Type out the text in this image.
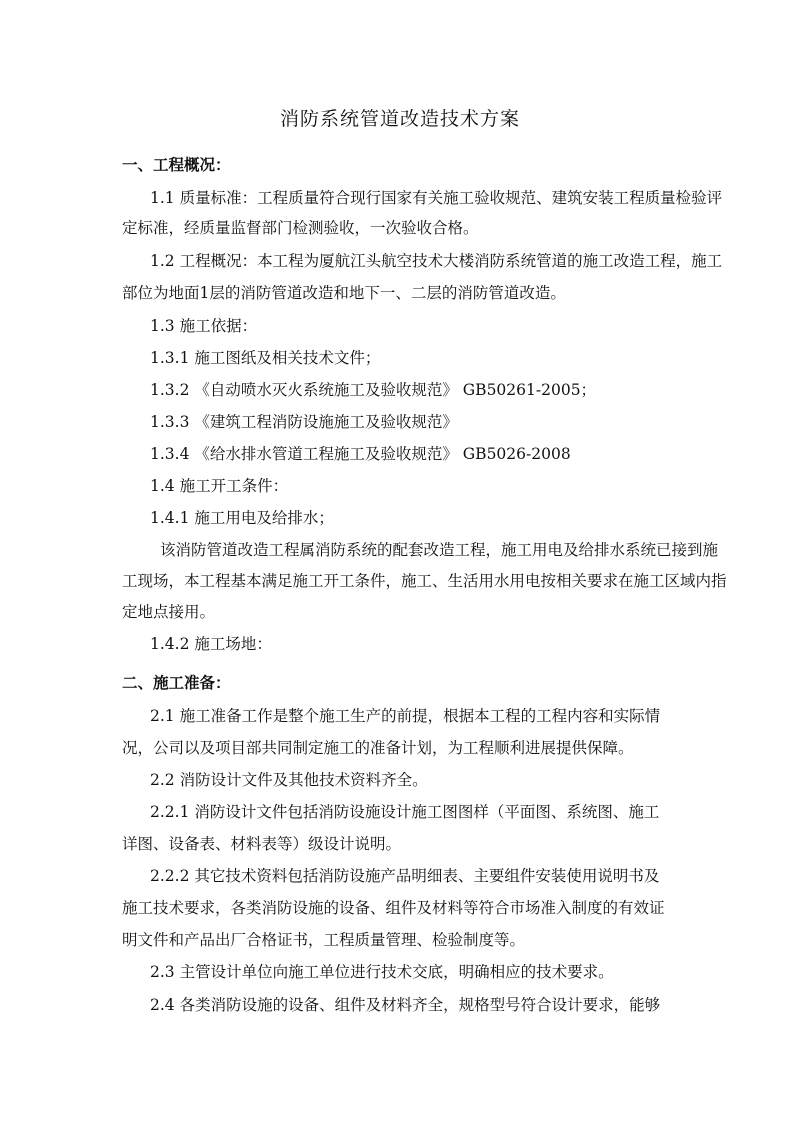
消防系统管道改造技术方案
一、工程概况：
1.1 质量标准：工程质量符合现行国家有关施工验收规范、建筑安装工程质量检验评
定标准，经质量监督部门检测验收，一次验收合格。
1.2 工程概况：本工程为厦航江头航空技术大楼消防系统管道的施工改造工程，施工
部位为地面1层的消防管道改造和地下一、二层的消防管道改造。
1.3 施工依据：
1.3.1 施工图纸及相关技术文件；
1.3.2 《自动喷水灭火系统施工及验收规范》 GB50261-2005；
1.3.3 《建筑工程消防设施施工及验收规范》
1.3.4 《给水排水管道工程施工及验收规范》 GB5026-2008
1.4 施工开工条件：
1.4.1 施工用电及给排水；
该消防管道改造工程属消防系统的配套改造工程，施工用电及给排水系统已接到施
工现场，本工程基本满足施工开工条件，施工、生活用水用电按相关要求在施工区域内指
定地点接用。
1.4.2 施工场地：
二、施工准备：
2.1 施工准备工作是整个施工生产的前提，根据本工程的工程内容和实际情
况，公司以及项目部共同制定施工的准备计划，为工程顺利进展提供保障。
2.2 消防设计文件及其他技术资料齐全。
2.2.1 消防设计文件包括消防设施设计施工图图样（平面图、系统图、施工
详图、设备表、材料表等）级设计说明。
2.2.2 其它技术资料包括消防设施产品明细表、主要组件安装使用说明书及
施工技术要求，各类消防设施的设备、组件及材料等符合市场准入制度的有效证
明文件和产品出厂合格证书，工程质量管理、检验制度等。
2.3 主管设计单位向施工单位进行技术交底，明确相应的技术要求。
2.4 各类消防设施的设备、组件及材料齐全，规格型号符合设计要求，能够
